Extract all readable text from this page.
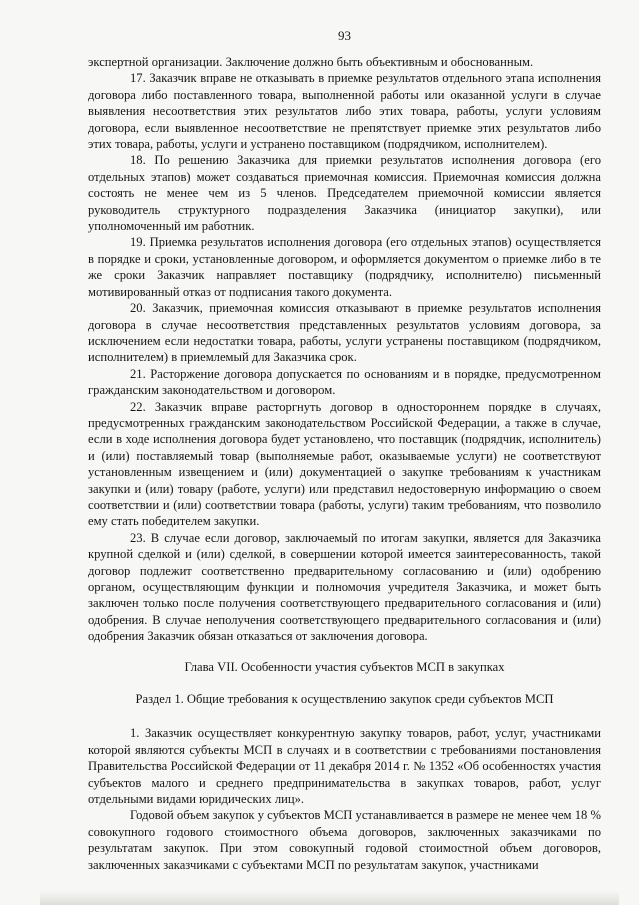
93

экспертной организации. Заключение должно быть объективным и обоснованным.

17. Заказчик вправе не отказывать в приемке результатов отдельного этапа исполнения договора либо поставленного товара, выполненной работы или оказанной услуги в случае выявления несоответствия этих результатов либо этих товара, работы, услуги условиям договора, если выявленное несоответствие не препятствует приемке этих результатов либо этих товара, работы, услуги и устранено поставщиком (подрядчиком, исполнителем).

18. По решению Заказчика для приемки результатов исполнения договора (его отдельных этапов) может создаваться приемочная комиссия. Приемочная комиссия должна состоять не менее чем из 5 членов. Председателем приемочной комиссии является руководитель структурного подразделения Заказчика (инициатор закупки), или уполномоченный им работник.

19. Приемка результатов исполнения договора (его отдельных этапов) осуществляется в порядке и сроки, установленные договором, и оформляется документом о приемке либо в те же сроки Заказчик направляет поставщику (подрядчику, исполнителю) письменный мотивированный отказ от подписания такого документа.

20. Заказчик, приемочная комиссия отказывают в приемке результатов исполнения договора в случае несоответствия представленных результатов условиям договора, за исключением если недостатки товара, работы, услуги устранены поставщиком (подрядчиком, исполнителем) в приемлемый для Заказчика срок.

21. Расторжение договора допускается по основаниям и в порядке, предусмотренном гражданским законодательством и договором.

22. Заказчик вправе расторгнуть договор в одностороннем порядке в случаях, предусмотренных гражданским законодательством Российской Федерации, а также в случае, если в ходе исполнения договора будет установлено, что поставщик (подрядчик, исполнитель) и (или) поставляемый товар (выполняемые работ, оказываемые услуги) не соответствуют установленным извещением и (или) документацией о закупке требованиям к участникам закупки и (или) товару (работе, услуги) или представил недостоверную информацию о своем соответствии и (или) соответствии товара (работы, услуги) таким требованиям, что позволило ему стать победителем закупки.

23. В случае если договор, заключаемый по итогам закупки, является для Заказчика крупной сделкой и (или) сделкой, в совершении которой имеется заинтересованность, такой договор подлежит соответственно предварительному согласованию и (или) одобрению органом, осуществляющим функции и полномочия учредителя Заказчика, и может быть заключен только после получения соответствующего предварительного согласования и (или) одобрения. В случае неполучения соответствующего предварительного согласования и (или) одобрения Заказчик обязан отказаться от заключения договора.

Глава VII. Особенности участия субъектов МСП в закупках

Раздел 1. Общие требования к осуществлению закупок среди субъектов МСП

1. Заказчик осуществляет конкурентную закупку товаров, работ, услуг, участниками которой являются субъекты МСП в случаях и в соответствии с требованиями постановления Правительства Российской Федерации от 11 декабря 2014 г. № 1352 «Об особенностях участия субъектов малого и среднего предпринимательства в закупках товаров, работ, услуг отдельными видами юридических лиц».

Годовой объем закупок у субъектов МСП устанавливается в размере не менее чем 18 % совокупного годового стоимостного объема договоров, заключенных заказчиками по результатам закупок. При этом совокупный годовой стоимостной объем договоров, заключенных заказчиками с субъектами МСП по результатам закупок, участниками
